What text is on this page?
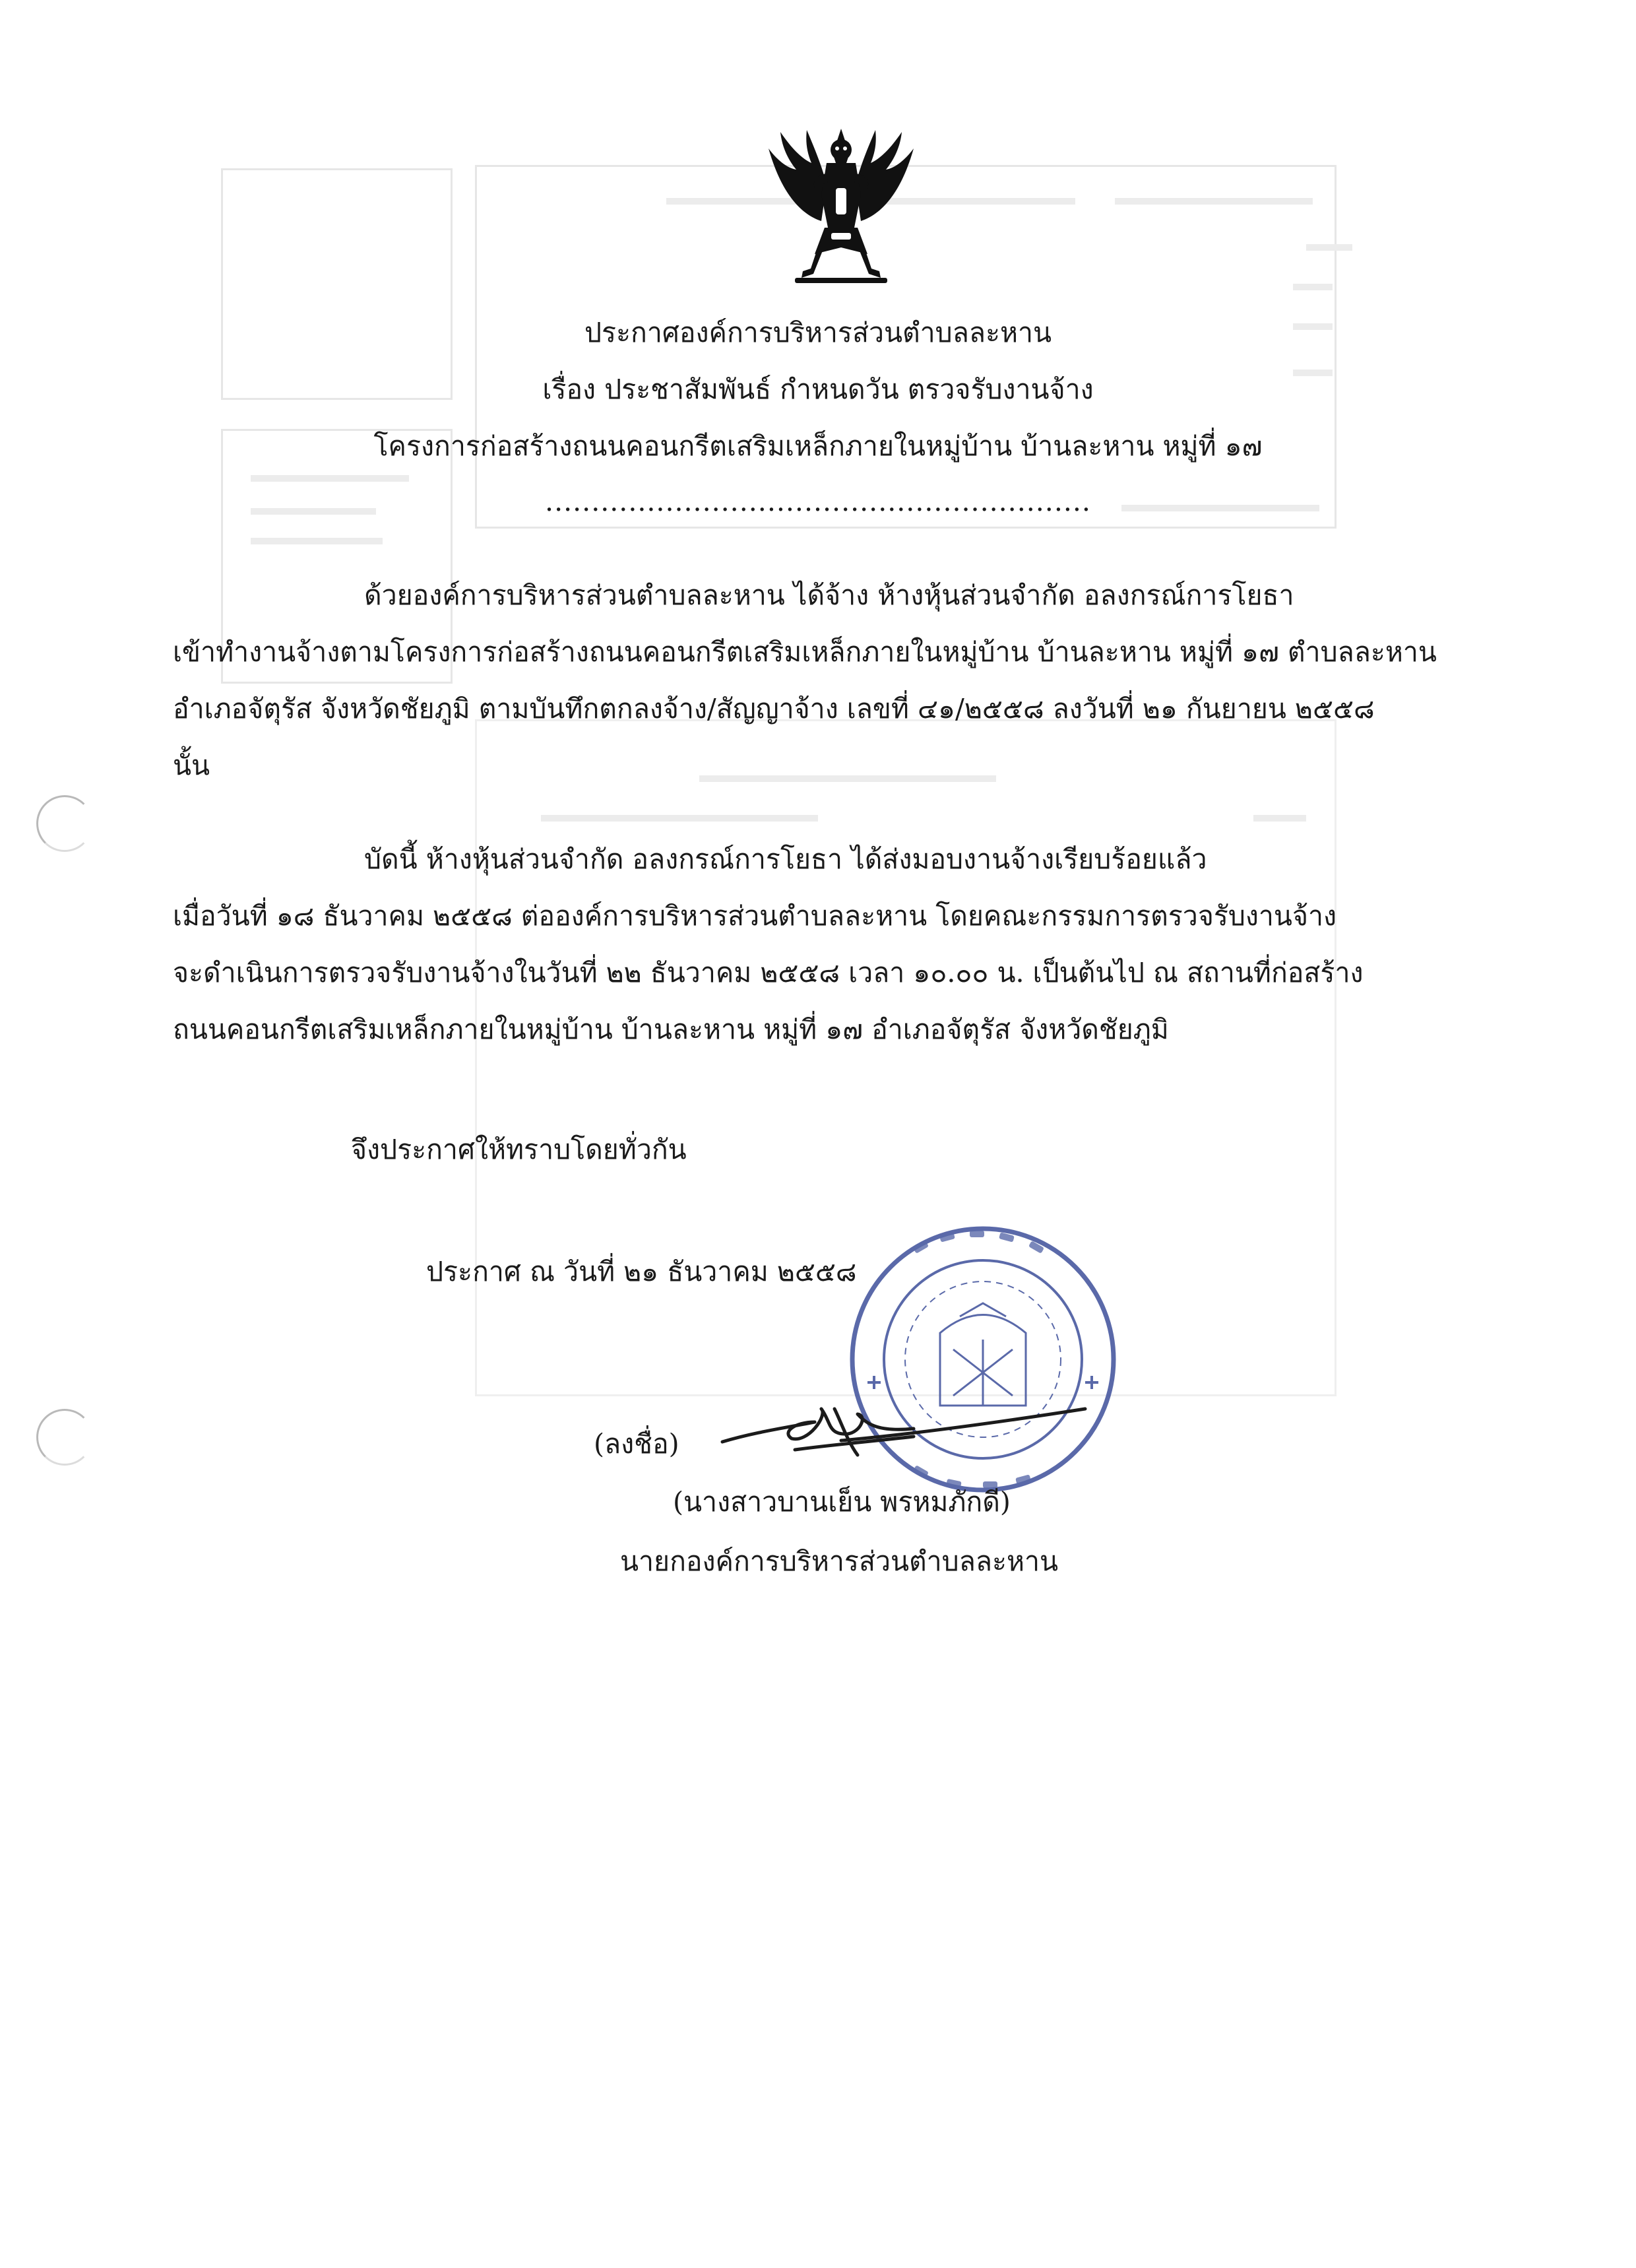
ประกาศองค์การบริหารส่วนตำบลละหาน
เรื่อง ประชาสัมพันธ์ กำหนดวัน ตรวจรับงานจ้าง
โครงการก่อสร้างถนนคอนกรีตเสริมเหล็กภายในหมู่บ้าน บ้านละหาน หมู่ที่ ๑๗
...........................................................
ด้วยองค์การบริหารส่วนตำบลละหาน ได้จ้าง ห้างหุ้นส่วนจำกัด อลงกรณ์การโยธา
เข้าทำงานจ้างตามโครงการก่อสร้างถนนคอนกรีตเสริมเหล็กภายในหมู่บ้าน บ้านละหาน หมู่ที่ ๑๗ ตำบลละหาน
อำเภอจัตุรัส จังหวัดชัยภูมิ ตามบันทึกตกลงจ้าง/สัญญาจ้าง เลขที่ ๔๑/๒๕๕๘ ลงวันที่ ๒๑ กันยายน ๒๕๕๘
นั้น
บัดนี้ ห้างหุ้นส่วนจำกัด อลงกรณ์การโยธา ได้ส่งมอบงานจ้างเรียบร้อยแล้ว
เมื่อวันที่ ๑๘ ธันวาคม ๒๕๕๘ ต่อองค์การบริหารส่วนตำบลละหาน โดยคณะกรรมการตรวจรับงานจ้าง
จะดำเนินการตรวจรับงานจ้างในวันที่ ๒๒ ธันวาคม ๒๕๕๘ เวลา ๑๐.๐๐ น. เป็นต้นไป ณ สถานที่ก่อสร้าง
ถนนคอนกรีตเสริมเหล็กภายในหมู่บ้าน บ้านละหาน หมู่ที่ ๑๗ อำเภอจัตุรัส จังหวัดชัยภูมิ
จึงประกาศให้ทราบโดยทั่วกัน
ประกาศ ณ วันที่ ๒๑ ธันวาคม ๒๕๕๘
(ลงชื่อ)
(นางสาวบานเย็น พรหมภักดี)
นายกองค์การบริหารส่วนตำบลละหาน
